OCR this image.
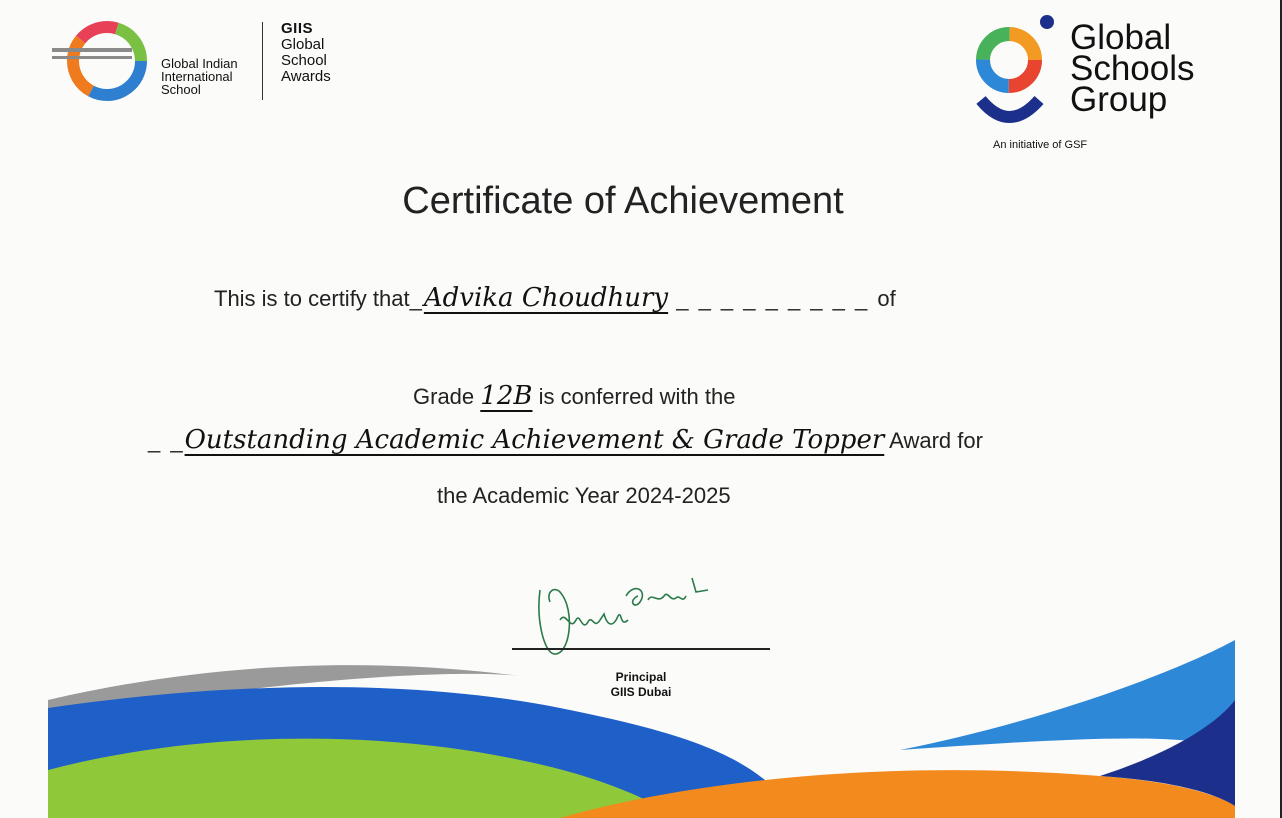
Global Indian
International
School
GIIS
Global
School
Awards
Global
Schools
Group
An initiative of GSF
Certificate of Achievement
This is to certify that_Advika Choudhury _ _ _ _ _ _ _ _ _ of
Grade 12B is conferred with the
_ _Outstanding Academic Achievement & Grade Topper Award for
the Academic Year 2024-2025
Principal
GIIS Dubai
